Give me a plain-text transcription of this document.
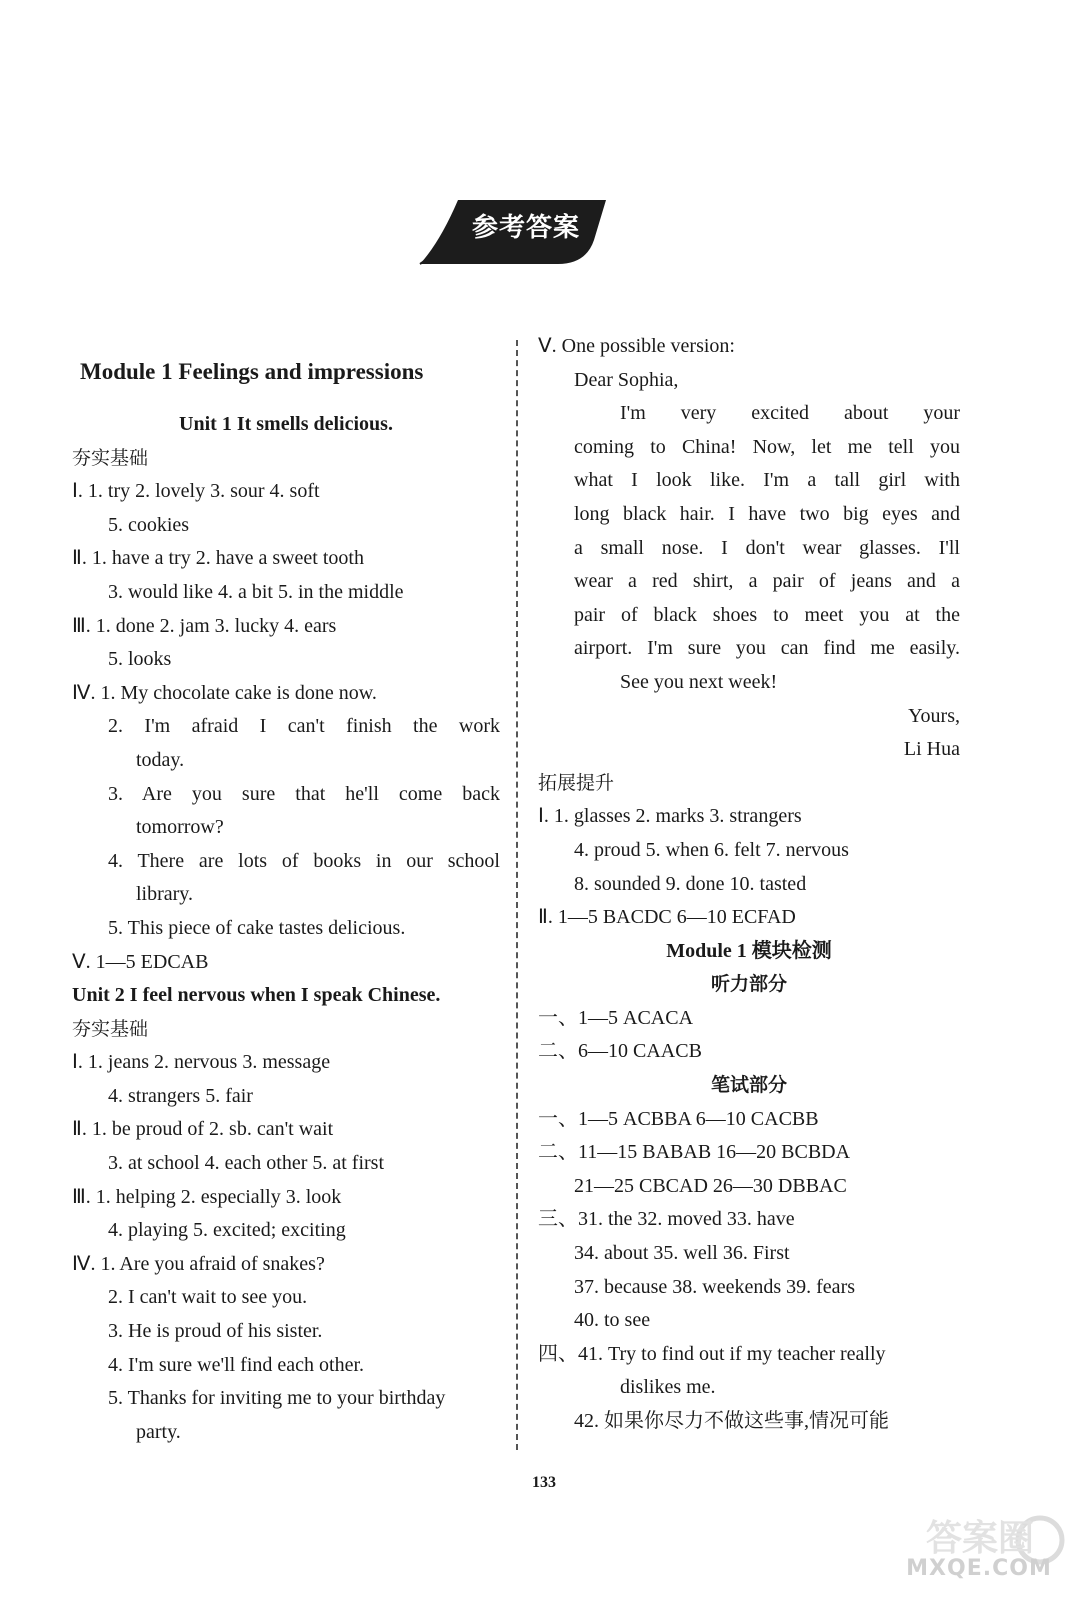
参考答案
Module 1 Feelings and impressions
Unit 1 It smells delicious.
夯实基础
Ⅰ. 1. try 2. lovely 3. sour 4. soft
5. cookies
Ⅱ. 1. have a try 2. have a sweet tooth
3. would like 4. a bit 5. in the middle
Ⅲ. 1. done 2. jam 3. lucky 4. ears
5. looks
Ⅳ. 1. My chocolate cake is done now.
2. I'm afraid I can't finish the work
today.
3. Are you sure that he'll come back
tomorrow?
4. There are lots of books in our school
library.
5. This piece of cake tastes delicious.
Ⅴ. 1—5 EDCAB
Unit 2 I feel nervous when I speak Chinese.
夯实基础
Ⅰ. 1. jeans 2. nervous 3. message
4. strangers 5. fair
Ⅱ. 1. be proud of 2. sb. can't wait
3. at school 4. each other 5. at first
Ⅲ. 1. helping 2. especially 3. look
4. playing 5. excited; exciting
Ⅳ. 1. Are you afraid of snakes?
2. I can't wait to see you.
3. He is proud of his sister.
4. I'm sure we'll find each other.
5. Thanks for inviting me to your birthday
party.
Ⅴ. One possible version:
Dear Sophia,
I'm very excited about your
coming to China! Now, let me tell you
what I look like. I'm a tall girl with
long black hair. I have two big eyes and
a small nose. I don't wear glasses. I'll
wear a red shirt, a pair of jeans and a
pair of black shoes to meet you at the
airport. I'm sure you can find me easily.
See you next week!
Yours,
Li Hua
拓展提升
Ⅰ. 1. glasses 2. marks 3. strangers
4. proud 5. when 6. felt 7. nervous
8. sounded 9. done 10. tasted
Ⅱ. 1—5 BACDC 6—10 ECFAD
Module 1 模块检测
听力部分
一、1—5 ACACA
二、6—10 CAACB
笔试部分
一、1—5 ACBBA 6—10 CACBB
二、11—15 BABAB 16—20 BCBDA
21—25 CBCAD 26—30 DBBAC
三、31. the 32. moved 33. have
34. about 35. well 36. First
37. because 38. weekends 39. fears
40. to see
四、41. Try to find out if my teacher really
dislikes me.
42. 如果你尽力不做这些事,情况可能
133
答案圈
MXQE.COM
